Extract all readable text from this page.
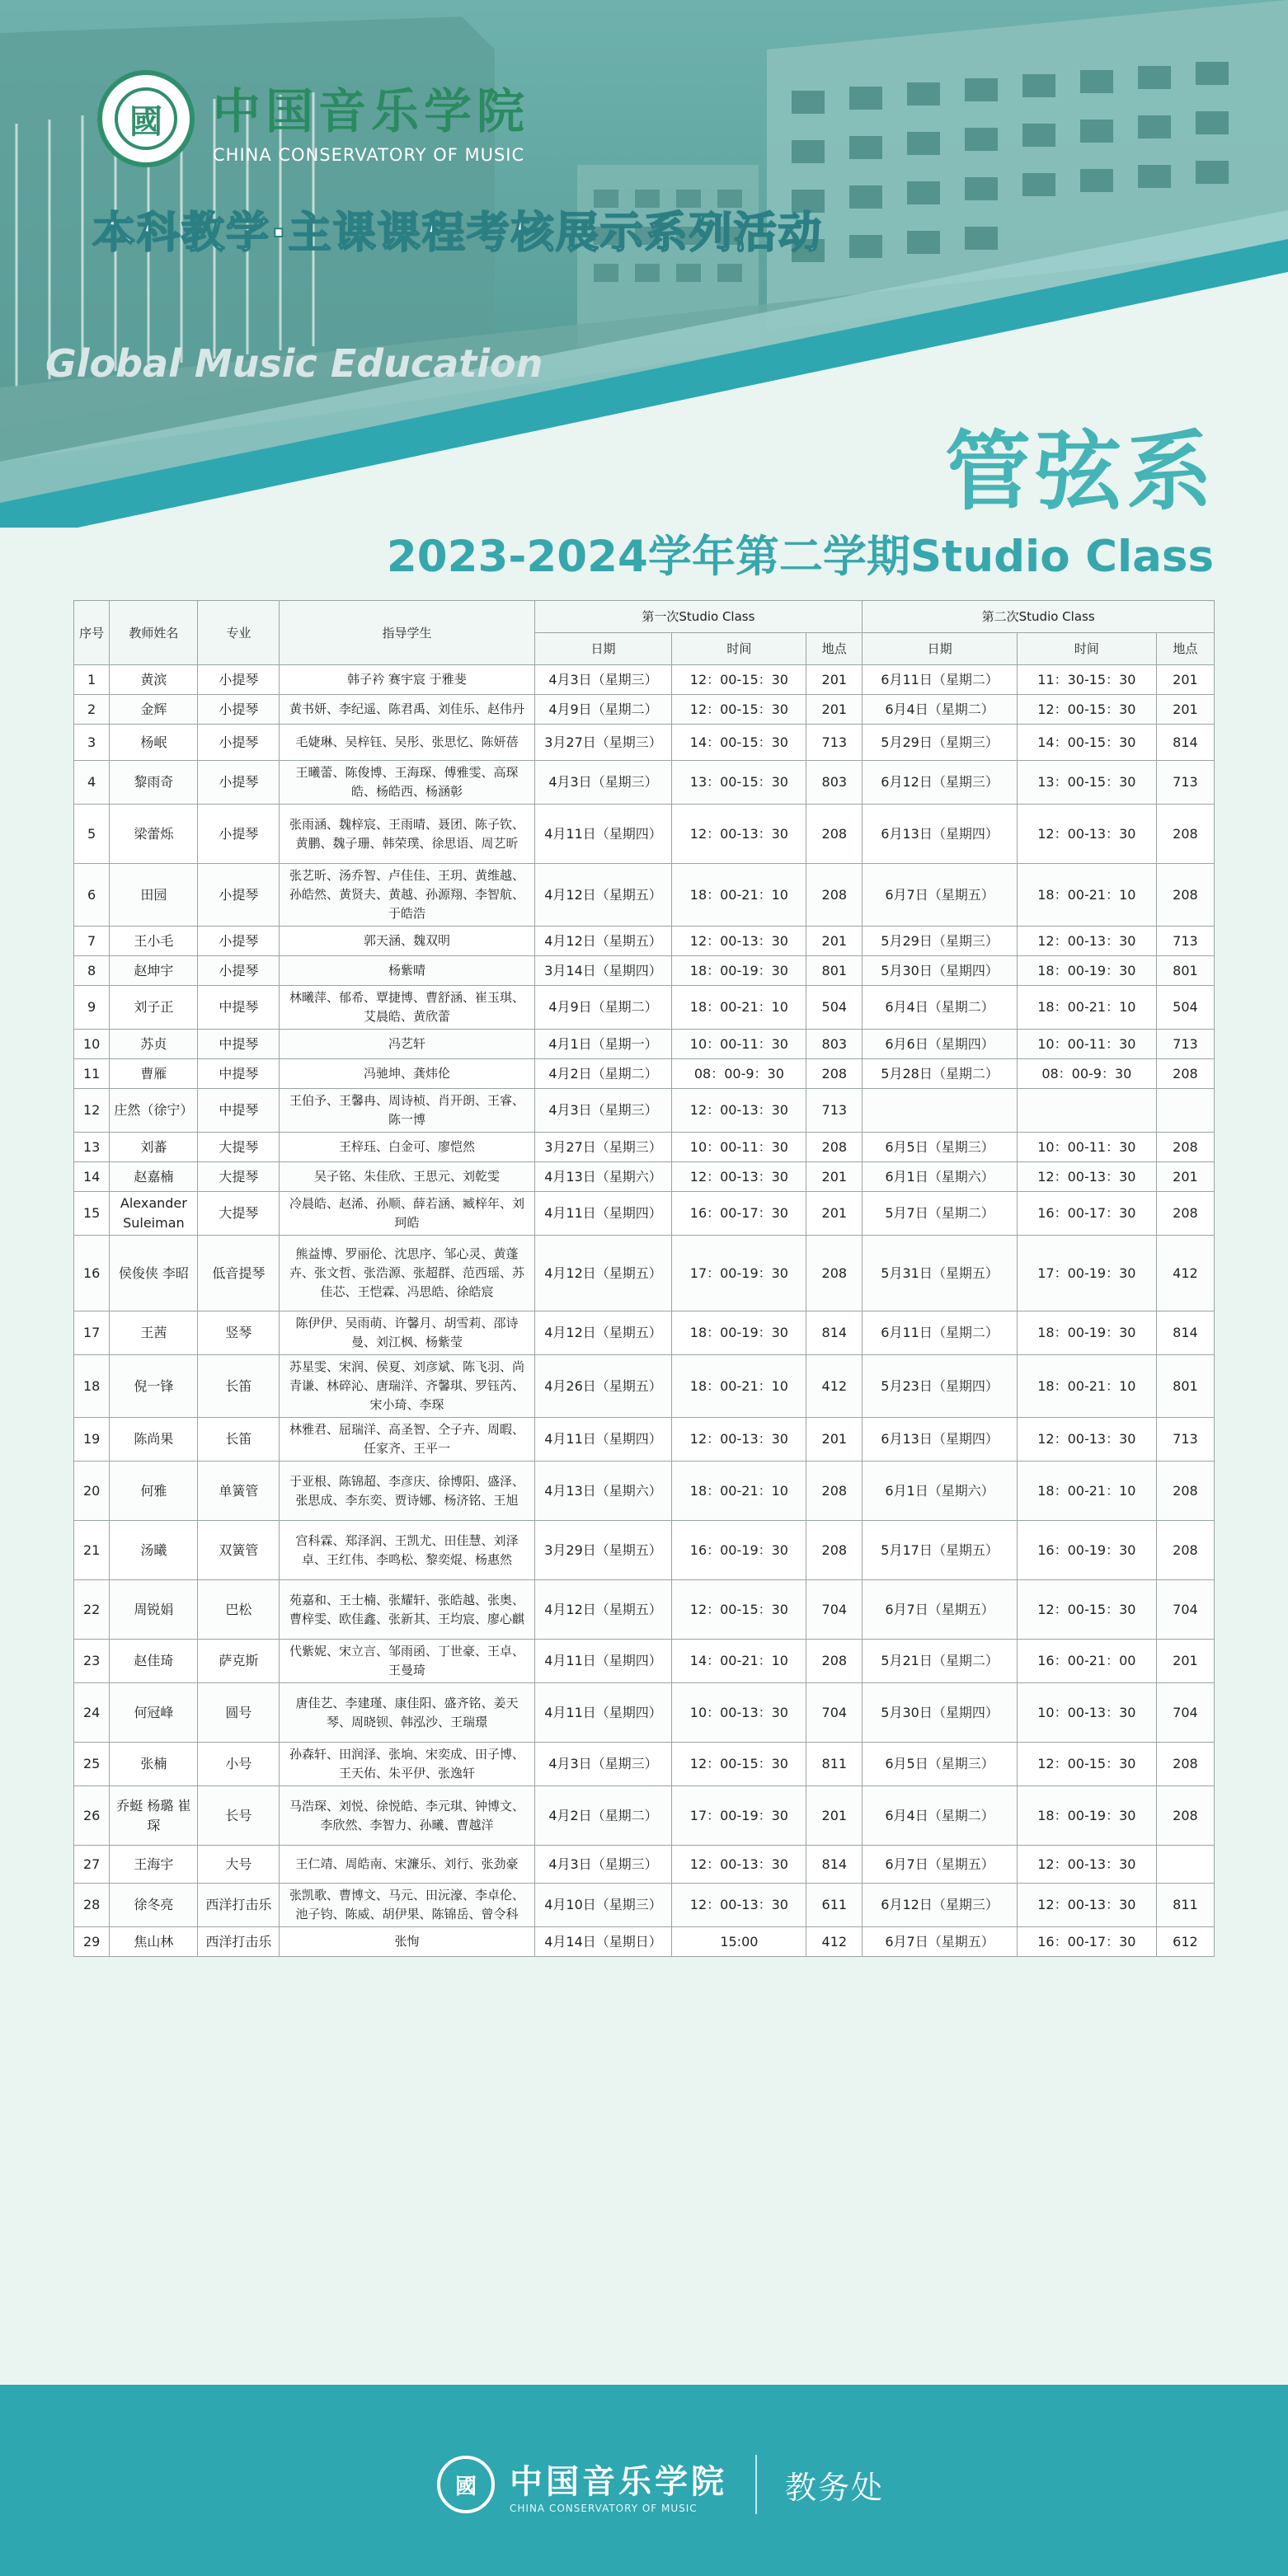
國	中国音乐学院
CHINA CONSERVATORY OF MUSIC
本科教学·主课课程考核展示系列活动
Global Music Education
管弦系
2023-2024学年第二学期Studio Class
序号	教师姓名	专业	指导学生	第一次Studio Class			第二次Studio Class		
				日期	时间	地点	日期	时间	地点
1	黄滨	小提琴	韩子衿 赛宇宸 于雅斐	4月3日（星期三）	12：00-15：30	201	6月11日（星期二）	11：30-15：30	201
2	金辉	小提琴	黄书妍、李纪遥、陈君禹、刘佳乐、赵伟丹	4月9日（星期二）	12：00-15：30	201	6月4日（星期二）	12：00-15：30	201
3	杨岷	小提琴	毛婕琳、吴梓钰、吴彤、张思忆、陈妍蓓	3月27日（星期三）	14：00-15：30	713	5月29日（星期三）	14：00-15：30	814
4	黎雨奇	小提琴	王曦蕾、陈俊博、王海琛、傅雅雯、高琛皓、杨皓西、杨涵彰	4月3日（星期三）	13：00-15：30	803	6月12日（星期三）	13：00-15：30	713
5	梁蕾烁	小提琴	张雨涵、魏梓宸、王雨晴、聂团、陈子钦、黄鹏、魏子珊、韩荣璞、徐思语、周艺昕	4月11日（星期四）	12：00-13：30	208	6月13日（星期四）	12：00-13：30	208
6	田园	小提琴	张艺昕、汤乔智、卢佳佳、王玥、黄维越、孙皓然、黄贤夫、黄越、孙源翔、李智航、于皓浩	4月12日（星期五）	18：00-21：10	208	6月7日（星期五）	18：00-21：10	208
7	王小毛	小提琴	郭天涵、魏双明	4月12日（星期五）	12：00-13：30	201	5月29日（星期三）	12：00-13：30	713
8	赵坤宇	小提琴	杨紫晴	3月14日（星期四）	18：00-19：30	801	5月30日（星期四）	18：00-19：30	801
9	刘子正	中提琴	林曦萍、郁希、覃捷博、曹舒涵、崔玉琪、艾晨皓、黄欣蕾	4月9日（星期二）	18：00-21：10	504	6月4日（星期二）	18：00-21：10	504
10	苏贞	中提琴	冯艺轩	4月1日（星期一）	10：00-11：30	803	6月6日（星期四）	10：00-11：30	713
11	曹雁	中提琴	冯驰坤、龚炜伦	4月2日（星期二）	08：00-9：30	208	5月28日（星期二）	08：00-9：30	208
12	庄然（徐宁）	中提琴	王伯予、王馨冉、周诗桢、肖开朗、王睿、陈一博	4月3日（星期三）	12：00-13：30	713			
13	刘蕃	大提琴	王梓珏、白金可、廖恺然	3月27日（星期三）	10：00-11：30	208	6月5日（星期三）	10：00-11：30	208
14	赵嘉楠	大提琴	吴子铭、朱佳欣、王思元、刘乾雯	4月13日（星期六）	12：00-13：30	201	6月1日（星期六）	12：00-13：30	201
15	Alexander Suleiman	大提琴	冷晨皓、赵浠、孙顺、薛若涵、臧梓年、刘珂皓	4月11日（星期四）	16：00-17：30	201	5月7日（星期二）	16：00-17：30	208
16	侯俊侠 李昭	低音提琴	熊益博、罗丽伦、沈思序、邹心灵、黄蓬卉、张文哲、张浩源、张超群、范西瑶、苏佳芯、王恺霖、冯思皓、徐皓宸	4月12日（星期五）	17：00-19：30	208	5月31日（星期五）	17：00-19：30	412
17	王茜	竖琴	陈伊伊、吴雨萌、许馨月、胡雪莉、邵诗曼、刘江枫、杨紫莹	4月12日（星期五）	18：00-19：30	814	6月11日（星期二）	18：00-19：30	814
18	倪一锋	长笛	苏星雯、宋润、侯夏、刘彦斌、陈飞羽、尚青谦、林碎沁、唐瑞洋、齐馨琪、罗钰芮、宋小琦、李琛	4月26日（星期五）	18：00-21：10	412	5月23日（星期四）	18：00-21：10	801
19	陈尚果	长笛	林雅君、屈瑞洋、高圣智、仝子卉、周暇、任家齐、王平一	4月11日（星期四）	12：00-13：30	201	6月13日（星期四）	12：00-13：30	713
20	何雅	单簧管	于亚根、陈锦超、李彦庆、徐博阳、盛泽、张思成、李东奕、贾诗娜、杨济铭、王旭	4月13日（星期六）	18：00-21：10	208	6月1日（星期六）	18：00-21：10	208
21	汤曦	双簧管	宫科霖、郑泽润、王凯尤、田佳慧、刘泽卓、王红伟、李鸣松、黎奕焜、杨惠然	3月29日（星期五）	16：00-19：30	208	5月17日（星期五）	16：00-19：30	208
22	周锐娟	巴松	苑嘉和、王士楠、张耀轩、张皓越、张奥、曹梓雯、欧佳鑫、张新其、王均宸、廖心麒	4月12日（星期五）	12：00-15：30	704	6月7日（星期五）	12：00-15：30	704
23	赵佳琦	萨克斯	代紫妮、宋立言、邹雨函、丁世豪、王卓、王曼琦	4月11日（星期四）	14：00-21：10	208	5月21日（星期二）	16：00-21：00	201
24	何冠峰	圆号	唐佳艺、李建瑾、康佳阳、盛齐铭、姜天琴、周晓钡、韩泓沙、王瑞璟	4月11日（星期四）	10：00-13：30	704	5月30日（星期四）	10：00-13：30	704
25	张楠	小号	孙森轩、田润泽、张垧、宋奕成、田子博、王天佑、朱平伊、张逸轩	4月3日（星期三）	12：00-15：30	811	6月5日（星期三）	12：00-15：30	208
26	乔蜓 杨璐 崔琛	长号	马浩琛、刘悦、徐悦皓、李元琪、钟博文、李欣然、李智力、孙曦、曹越洋	4月2日（星期二）	17：00-19：30	201	6月4日（星期二）	18：00-19：30	208
27	王海宇	大号	王仁靖、周皓南、宋濂乐、刘行、张劲豪	4月3日（星期三）	12：00-13：30	814	6月7日（星期五）	12：00-13：30	
28	徐冬亮	西洋打击乐	张凯歌、曹博文、马元、田沅濠、李卓伦、池子钧、陈威、胡伊果、陈锦岳、曾令科	4月10日（星期三）	12：00-13：30	611	6月12日（星期三）	12：00-13：30	811
29	焦山林	西洋打击乐	张恂	4月14日（星期日）	15:00	412	6月7日（星期五）	16：00-17：30	612
國	中国音乐学院
CHINA CONSERVATORY OF MUSIC
教务处
